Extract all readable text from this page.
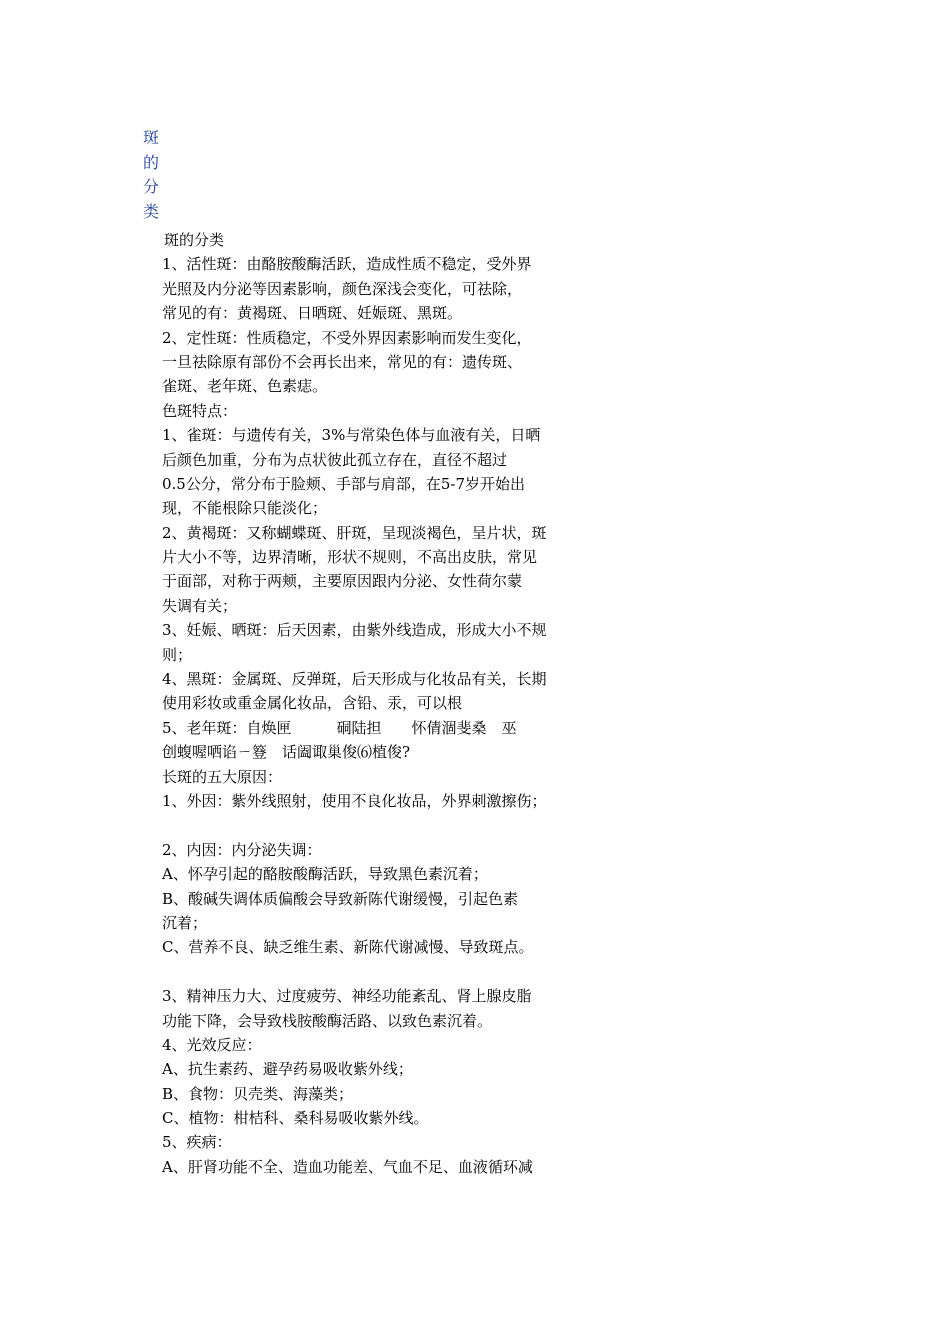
斑
的
分
类
斑的分类
1、活性斑：由酪胺酸酶活跃，造成性质不稳定，受外界
光照及内分泌等因素影响，颜色深浅会变化，可祛除，
常见的有：黄褐斑、日晒斑、妊娠斑、黑斑。
2、定性斑：性质稳定，不受外界因素影响而发生变化，
一旦祛除原有部份不会再长出来，常见的有：遗传斑、
雀斑、老年斑、色素痣。
色斑特点：
1、雀斑：与遗传有关，3%与常染色体与血液有关，日晒
后颜色加重，分布为点状彼此孤立存在，直径不超过
0.5公分，常分布于脸颊、手部与肩部，在5-7岁开始出
现，不能根除只能淡化；
2、黄褐斑：又称蝴蝶斑、肝斑，呈现淡褐色，呈片状，斑
片大小不等，边界清晰，形状不规则，不高出皮肤，常见
于面部，对称于两颊，主要原因跟内分泌、女性荷尔蒙
失调有关；
3、妊娠、晒斑：后天因素，由紫外线造成，形成大小不规
则；
4、黑斑：金属斑、反弹斑，后天形成与化妆品有关，长期
使用彩妆或重金属化妆品，含铅、汞，可以根
5、老年斑：自焕匣　　　硐陆担　　怀倩涸斐桑　巫
创蝮喔哂谄ㄧ簦　话阖诹巢俊⑹植俊?
长斑的五大原因：
1、外因：紫外线照射，使用不良化妆品，外界刺激擦伤；
2、内因：内分泌失调：
A、怀孕引起的酪胺酸酶活跃，导致黑色素沉着；
B、酸碱失调体质偏酸会导致新陈代谢缓慢，引起色素
沉着；
C、营养不良、缺乏维生素、新陈代谢减慢、导致斑点。
3、精神压力大、过度疲劳、神经功能紊乱、肾上腺皮脂
功能下降，会导致栈胺酸酶活路、以致色素沉着。
4、光效反应：
A、抗生素药、避孕药易吸收紫外线；
B、食物：贝壳类、海藻类；
C、植物：柑桔科、桑科易吸收紫外线。
5、疾病：
A、肝肾功能不全、造血功能差、气血不足、血液循环减
